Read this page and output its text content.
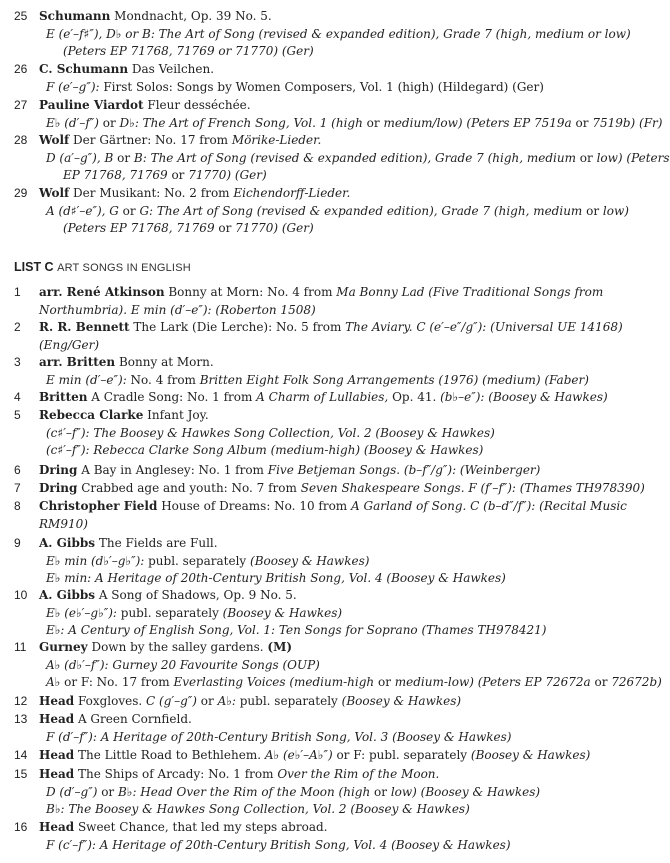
LIST C ART SONGS IN ENGLISH
25 Schumann Mondnacht, Op. 39 No. 5.
E (e′–f♯″), D♭ or B: The Art of Song (revised & expanded edition), Grade 7 (high, medium or low)
(Peters EP 71768, 71769 or 71770) (Ger)
26 C. Schumann Das Veilchen.
F (e′–g″): First Solos: Songs by Women Composers, Vol. 1 (high) (Hildegard) (Ger)
27 Pauline Viardot Fleur desséchée.
E♭ (d′–f″) or D♭: The Art of French Song, Vol. 1 (high or medium/low) (Peters EP 7519a or 7519b) (Fr)
28 Wolf Der Gärtner: No. 17 from Mörike-Lieder.
D (a′–g″), B or B: The Art of Song (revised & expanded edition), Grade 7 (high, medium or low) (Peters
EP 71768, 71769 or 71770) (Ger)
29 Wolf Der Musikant: No. 2 from Eichendorff-Lieder.
A (d♯′–e″), G or G: The Art of Song (revised & expanded edition), Grade 7 (high, medium or low)
(Peters EP 71768, 71769 or 71770) (Ger)
1	arr. René Atkinson Bonny at Morn: No. 4 from Ma Bonny Lad (Five Traditional Songs from
Northumbria). E min (d′–e″): (Roberton 1508)
2	R. R. Bennett The Lark (Die Lerche): No. 5 from The Aviary. C (e′–e″/g″): (Universal UE 14168)
(Eng/Ger)
3	arr. Britten Bonny at Morn.
E min (d′–e″): No. 4 from Britten Eight Folk Song Arrangements (1976) (medium) (Faber)
4	Britten A Cradle Song: No. 1 from A Charm of Lullabies, Op. 41. (b♭–e″): (Boosey & Hawkes)
5	Rebecca Clarke Infant Joy.
(c♯′–f″): The Boosey & Hawkes Song Collection, Vol. 2 (Boosey & Hawkes)
(c♯′–f″): Rebecca Clarke Song Album (medium-high) (Boosey & Hawkes)
6	Dring A Bay in Anglesey: No. 1 from Five Betjeman Songs. (b–f″/g″): (Weinberger)
7	Dring Crabbed age and youth: No. 7 from Seven Shakespeare Songs. F (f′–f″): (Thames TH978390)
8	Christopher Field House of Dreams: No. 10 from A Garland of Song. C (b–d″/f″): (Recital Music
RM910)
9	A. Gibbs The Fields are Full.
E♭ min (d♭′–g♭″): publ. separately (Boosey & Hawkes)
E♭ min: A Heritage of 20th-Century British Song, Vol. 4 (Boosey & Hawkes)
10 A. Gibbs A Song of Shadows, Op. 9 No. 5.
E♭ (e♭′–g♭″): publ. separately (Boosey & Hawkes)
E♭: A Century of English Song, Vol. 1: Ten Songs for Soprano (Thames TH978421)
11	Gurney Down by the salley gardens. (M)
A♭ (d♭′–f″): Gurney 20 Favourite Songs (OUP)
A♭ or F: No. 17 from Everlasting Voices (medium-high or medium-low) (Peters EP 72672a or 72672b)
12 Head Foxgloves. C (g′–g″) or A♭: publ. separately (Boosey & Hawkes)
13 Head A Green Cornfield.
F (d′–f″): A Heritage of 20th-Century British Song, Vol. 3 (Boosey & Hawkes)
14 Head The Little Road to Bethlehem. A♭ (e♭′–A♭″) or F: publ. separately (Boosey & Hawkes)
15 Head The Ships of Arcady: No. 1 from Over the Rim of the Moon.
D (d′–g″) or B♭: Head Over the Rim of the Moon (high or low) (Boosey & Hawkes)
B♭: The Boosey & Hawkes Song Collection, Vol. 2 (Boosey & Hawkes)
16 Head Sweet Chance, that led my steps abroad.
F (c′–f″): A Heritage of 20th-Century British Song, Vol. 4 (Boosey & Hawkes)
